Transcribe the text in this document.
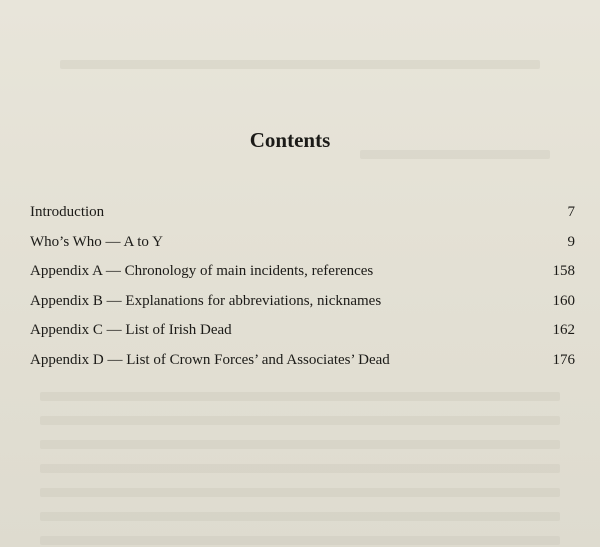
Contents
Introduction	7
Who’s Who — A to Y	9
Appendix A — Chronology of main incidents, references	158
Appendix B — Explanations for abbreviations, nicknames	160
Appendix C — List of Irish Dead	162
Appendix D — List of Crown Forces’ and Associates’ Dead	176
